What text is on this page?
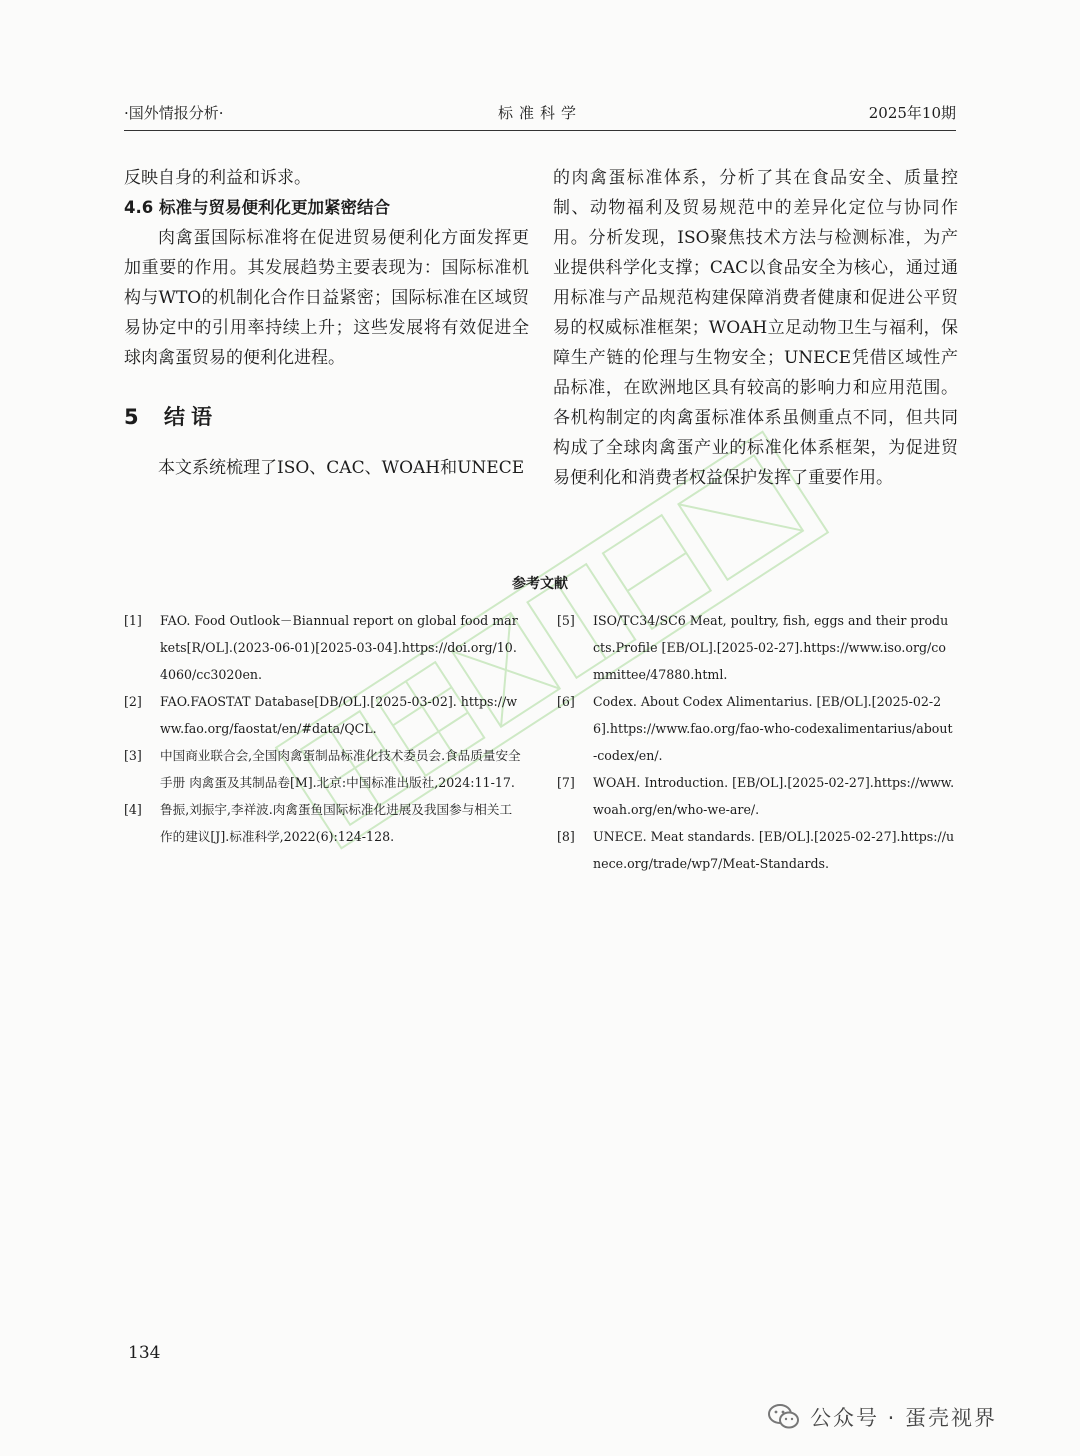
·国外情报分析·	标准科学	2025年10期

反映自身的利益和诉求。

4.6 标准与贸易便利化更加紧密结合

肉禽蛋国际标准将在促进贸易便利化方面发挥更加重要的作用。其发展趋势主要表现为：国际标准机构与WTO的机制化合作日益紧密；国际标准在区域贸易协定中的引用率持续上升；这些发展将有效促进全球肉禽蛋贸易的便利化进程。

5 结语

本文系统梳理了ISO、CAC、WOAH和UNECE

的肉禽蛋标准体系，分析了其在食品安全、质量控制、动物福利及贸易规范中的差异化定位与协同作用。分析发现，ISO聚焦技术方法与检测标准，为产业提供科学化支撑；CAC以食品安全为核心，通过通用标准与产品规范构建保障消费者健康和促进公平贸易的权威标准框架；WOAH立足动物卫生与福利，保障生产链的伦理与生物安全；UNECE凭借区域性产品标准，在欧洲地区具有较高的影响力和应用范围。各机构制定的肉禽蛋标准体系虽侧重点不同，但共同构成了全球肉禽蛋产业的标准化体系框架，为促进贸易便利化和消费者权益保护发挥了重要作用。

参考文献
[1] FAO. Food Outlook－Biannual report on global food markets[R/OL].(2023-06-01)[2025-03-04].https://doi.org/10.4060/cc3020en.
[2] FAO.FAOSTAT Database[DB/OL].[2025-03-02]. https://www.fao.org/faostat/en/#data/QCL.
[3] 中国商业联合会,全国肉禽蛋制品标准化技术委员会.食品质量安全手册 肉禽蛋及其制品卷[M].北京:中国标准出版社,2024:11-17.
[4] 鲁振,刘振宇,李祥波.肉禽蛋鱼国际标准化进展及我国参与相关工作的建议[J].标准科学,2022(6):124-128.
[5] ISO/TC34/SC6 Meat, poultry, fish, eggs and their products.Profile [EB/OL].[2025-02-27].https://www.iso.org/committee/47880.html.
[6] Codex. About Codex Alimentarius. [EB/OL].[2025-02-26].https://www.fao.org/fao-who-codexalimentarius/about-codex/en/.
[7] WOAH. Introduction. [EB/OL].[2025-02-27].https://www.woah.org/en/who-we-are/.
[8] UNECE. Meat standards. [EB/OL].[2025-02-27].https://unece.org/trade/wp7/Meat-Standards.
134
公众号 · 蛋壳视界
